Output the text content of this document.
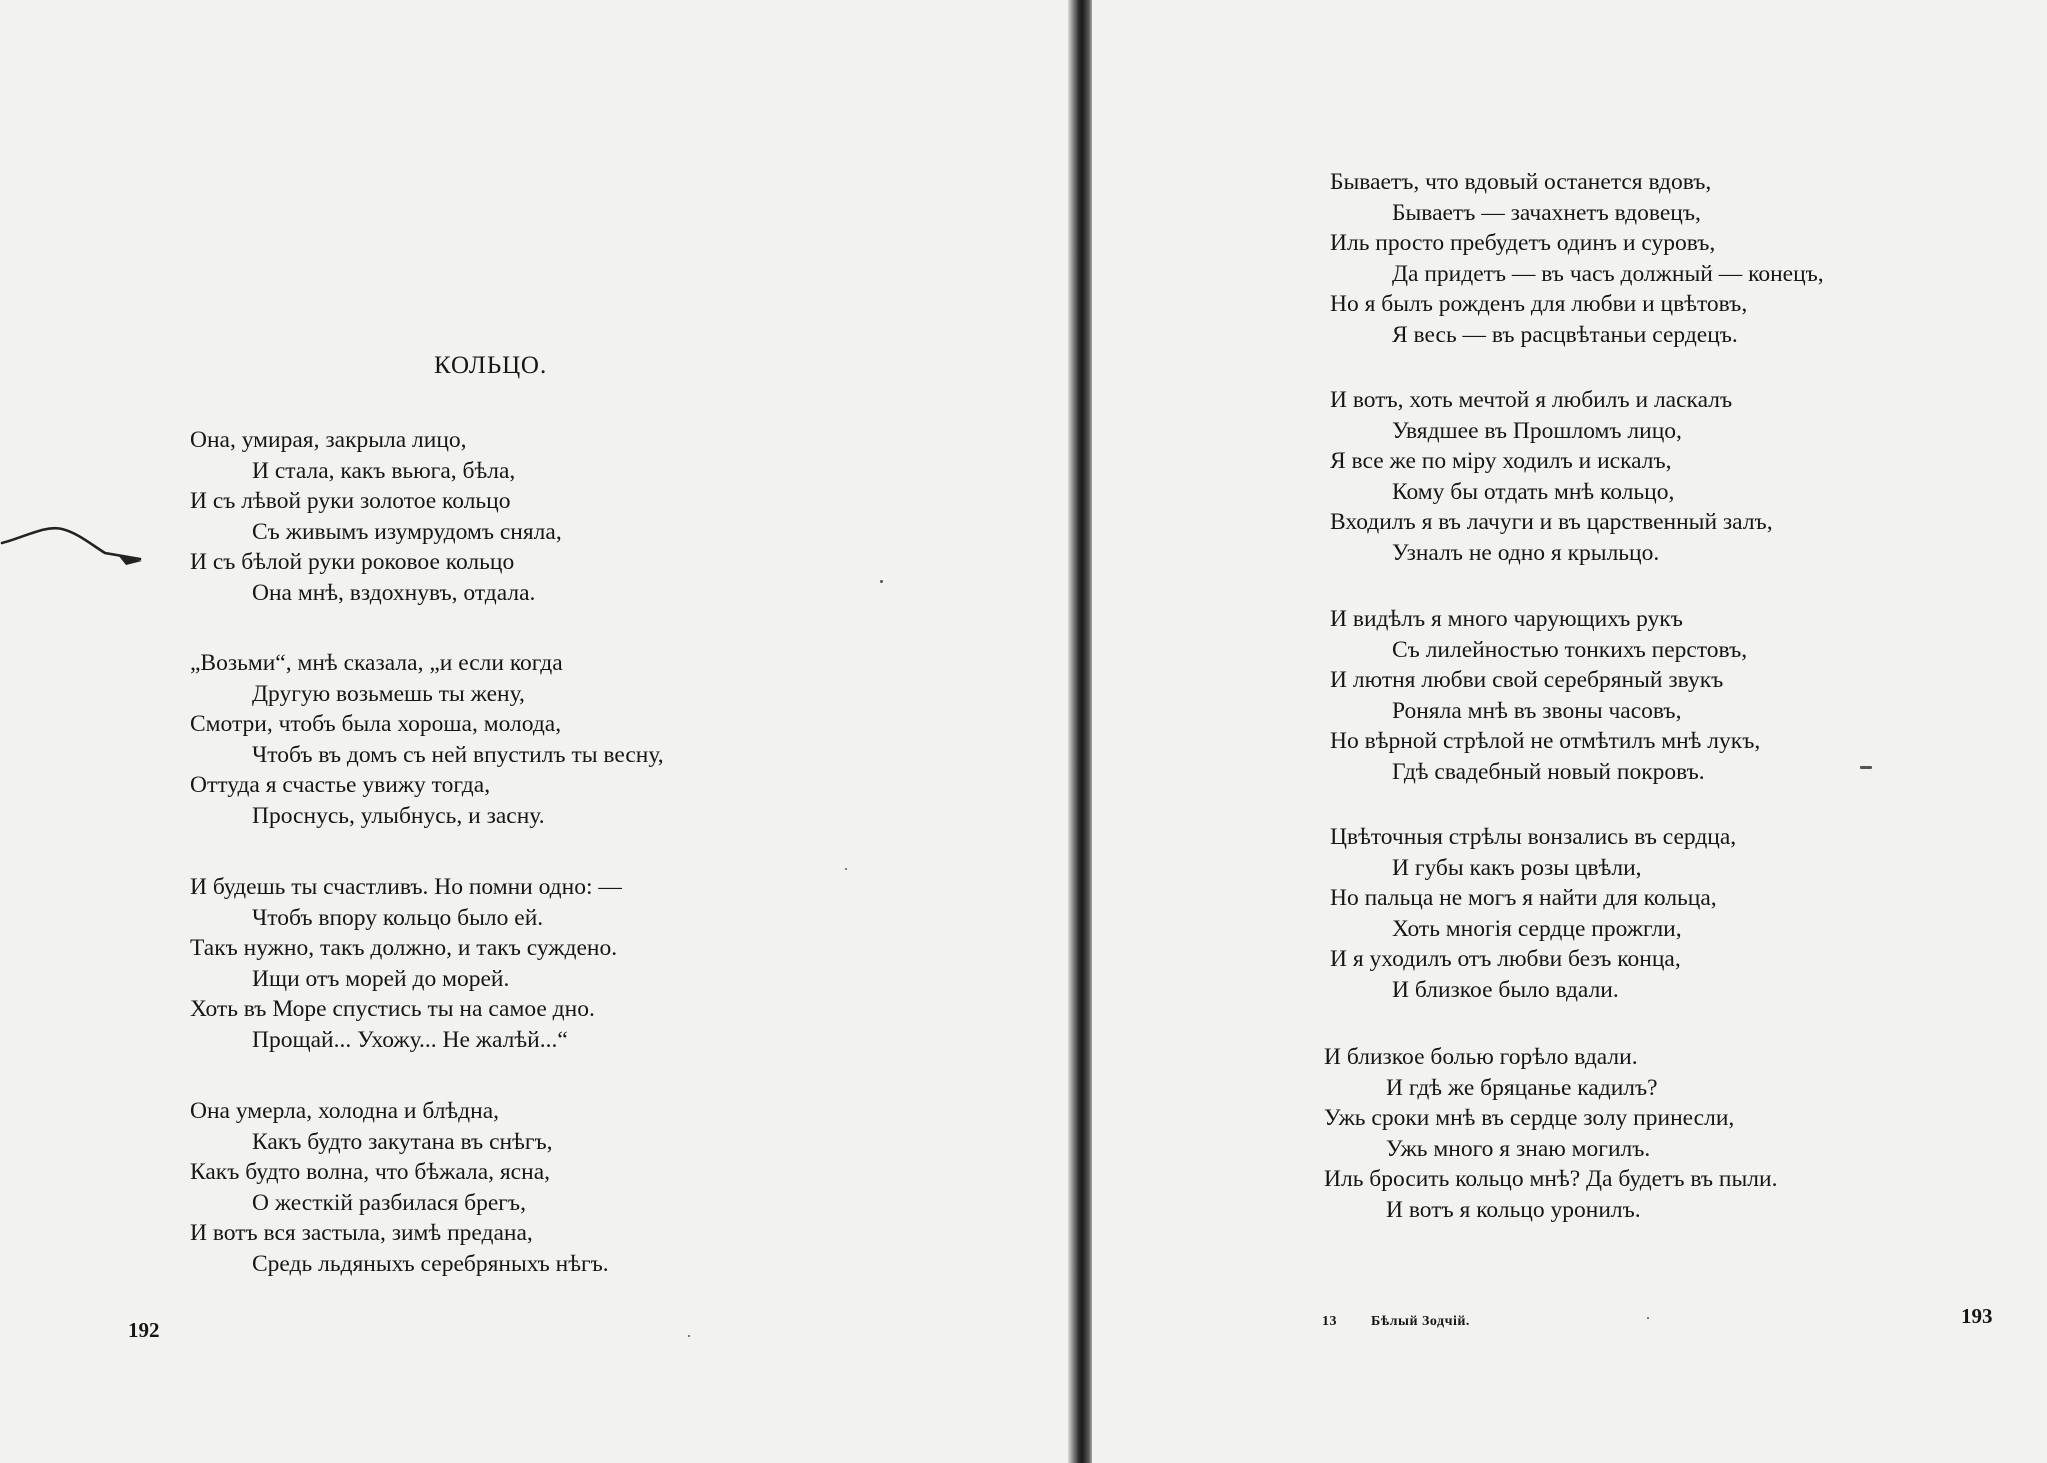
КОЛЬЦО.
Она, умирая, закрыла лицо,
И стала, какъ вьюга, бѣла,
И съ лѣвой руки золотое кольцо
Съ живымъ изумрудомъ сняла,
И съ бѣлой руки роковое кольцо
Она мнѣ, вздохнувъ, отдала.
„Возьми“, мнѣ сказала, „и если когда
Другую возьмешь ты жену,
Смотри, чтобъ была хороша, молода,
Чтобъ въ домъ съ ней впустилъ ты весну,
Оттуда я счастье увижу тогда,
Проснусь, улыбнусь, и засну.
И будешь ты счастливъ. Но помни одно: —
Чтобъ впору кольцо было ей.
Такъ нужно, такъ должно, и такъ суждено.
Ищи отъ морей до морей.
Хоть въ Море спустись ты на самое дно.
Прощай... Ухожу... Не жалѣй...“
Она умерла, холодна и блѣдна,
Какъ будто закутана въ снѣгъ,
Какъ будто волна, что бѣжала, ясна,
О жесткій разбилася брегъ,
И вотъ вся застыла, зимѣ предана,
Средь льдяныхъ серебряныхъ нѣгъ.
192
Бываетъ, что вдовый останется вдовъ,
Бываетъ — зачахнетъ вдовецъ,
Иль просто пребудетъ одинъ и суровъ,
Да придетъ — въ часъ должный — конецъ,
Но я былъ рожденъ для любви и цвѣтовъ,
Я весь — въ расцвѣтаньи сердецъ.
И вотъ, хоть мечтой я любилъ и ласкалъ
Увядшее въ Прошломъ лицо,
Я все же по міру ходилъ и искалъ,
Кому бы отдать мнѣ кольцо,
Входилъ я въ лачуги и въ царственный залъ,
Узналъ не одно я крыльцо.
И видѣлъ я много чарующихъ рукъ
Съ лилейностью тонкихъ перстовъ,
И лютня любви свой серебряный звукъ
Роняла мнѣ въ звоны часовъ,
Но вѣрной стрѣлой не отмѣтилъ мнѣ лукъ,
Гдѣ свадебный новый покровъ.
Цвѣточныя стрѣлы вонзались въ сердца,
И губы какъ розы цвѣли,
Но пальца не могъ я найти для кольца,
Хоть многія сердце прожгли,
И я уходилъ отъ любви безъ конца,
И близкое было вдали.
И близкое болью горѣло вдали.
И гдѣ же бряцанье кадилъ?
Ужь сроки мнѣ въ сердце золу принесли,
Ужь много я знаю могилъ.
Иль бросить кольцо мнѣ? Да будетъ въ пыли.
И вотъ я кольцо уронилъ.
13 Бѣлый Зодчій.	193
